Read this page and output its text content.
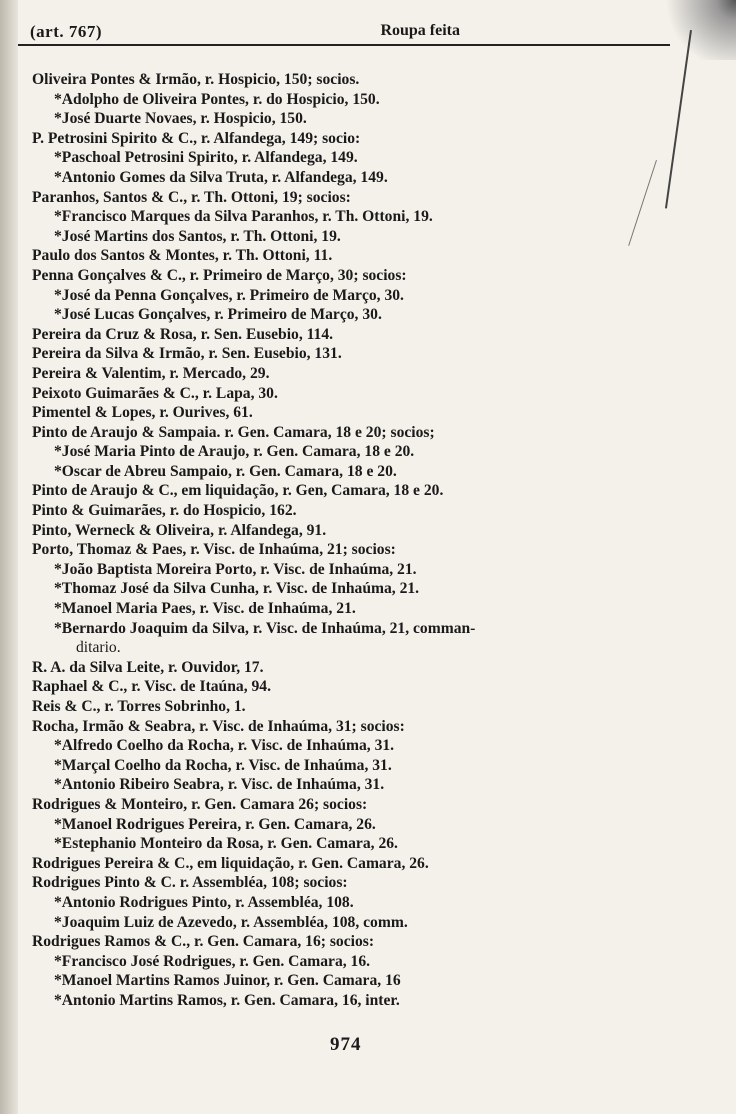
(art. 767)	Roupa feita
Oliveira Pontes & Irmão, r. Hospicio, 150; socios.
*Adolpho de Oliveira Pontes, r. do Hospicio, 150.
*José Duarte Novaes, r. Hospicio, 150.
P. Petrosini Spirito & C., r. Alfandega, 149; socio:
*Paschoal Petrosini Spirito, r. Alfandega, 149.
*Antonio Gomes da Silva Truta, r. Alfandega, 149.
Paranhos, Santos & C., r. Th. Ottoni, 19; socios:
*Francisco Marques da Silva Paranhos, r. Th. Ottoni, 19.
*José Martins dos Santos, r. Th. Ottoni, 19.
Paulo dos Santos & Montes, r. Th. Ottoni, 11.
Penna Gonçalves & C., r. Primeiro de Março, 30; socios:
*José da Penna Gonçalves, r. Primeiro de Março, 30.
*José Lucas Gonçalves, r. Primeiro de Março, 30.
Pereira da Cruz & Rosa, r. Sen. Eusebio, 114.
Pereira da Silva & Irmão, r. Sen. Eusebio, 131.
Pereira & Valentim, r. Mercado, 29.
Peixoto Guimarães & C., r. Lapa, 30.
Pimentel & Lopes, r. Ourives, 61.
Pinto de Araujo & Sampaia. r. Gen. Camara, 18 e 20; socios;
*José Maria Pinto de Araujo, r. Gen. Camara, 18 e 20.
*Oscar de Abreu Sampaio, r. Gen. Camara, 18 e 20.
Pinto de Araujo & C., em liquidação, r. Gen, Camara, 18 e 20.
Pinto & Guimarães, r. do Hospicio, 162.
Pinto, Werneck & Oliveira, r. Alfandega, 91.
Porto, Thomaz & Paes, r. Visc. de Inhaúma, 21; socios:
*João Baptista Moreira Porto, r. Visc. de Inhaúma, 21.
*Thomaz José da Silva Cunha, r. Visc. de Inhaúma, 21.
*Manoel Maria Paes, r. Visc. de Inhaúma, 21.
*Bernardo Joaquim da Silva, r. Visc. de Inhaúma, 21, comman-
ditario.
R. A. da Silva Leite, r. Ouvidor, 17.
Raphael & C., r. Visc. de Itaúna, 94.
Reis & C., r. Torres Sobrinho, 1.
Rocha, Irmão & Seabra, r. Visc. de Inhaúma, 31; socios:
*Alfredo Coelho da Rocha, r. Visc. de Inhaúma, 31.
*Marçal Coelho da Rocha, r. Visc. de Inhaúma, 31.
*Antonio Ribeiro Seabra, r. Visc. de Inhaúma, 31.
Rodrigues & Monteiro, r. Gen. Camara 26; socios:
*Manoel Rodrigues Pereira, r. Gen. Camara, 26.
*Estephanio Monteiro da Rosa, r. Gen. Camara, 26.
Rodrigues Pereira & C., em liquidação, r. Gen. Camara, 26.
Rodrigues Pinto & C. r. Assembléa, 108; socios:
*Antonio Rodrigues Pinto, r. Assembléa, 108.
*Joaquim Luiz de Azevedo, r. Assembléa, 108, comm.
Rodrigues Ramos & C., r. Gen. Camara, 16; socios:
*Francisco José Rodrigues, r. Gen. Camara, 16.
*Manoel Martins Ramos Juinor, r. Gen. Camara, 16
*Antonio Martins Ramos, r. Gen. Camara, 16, inter.
974
